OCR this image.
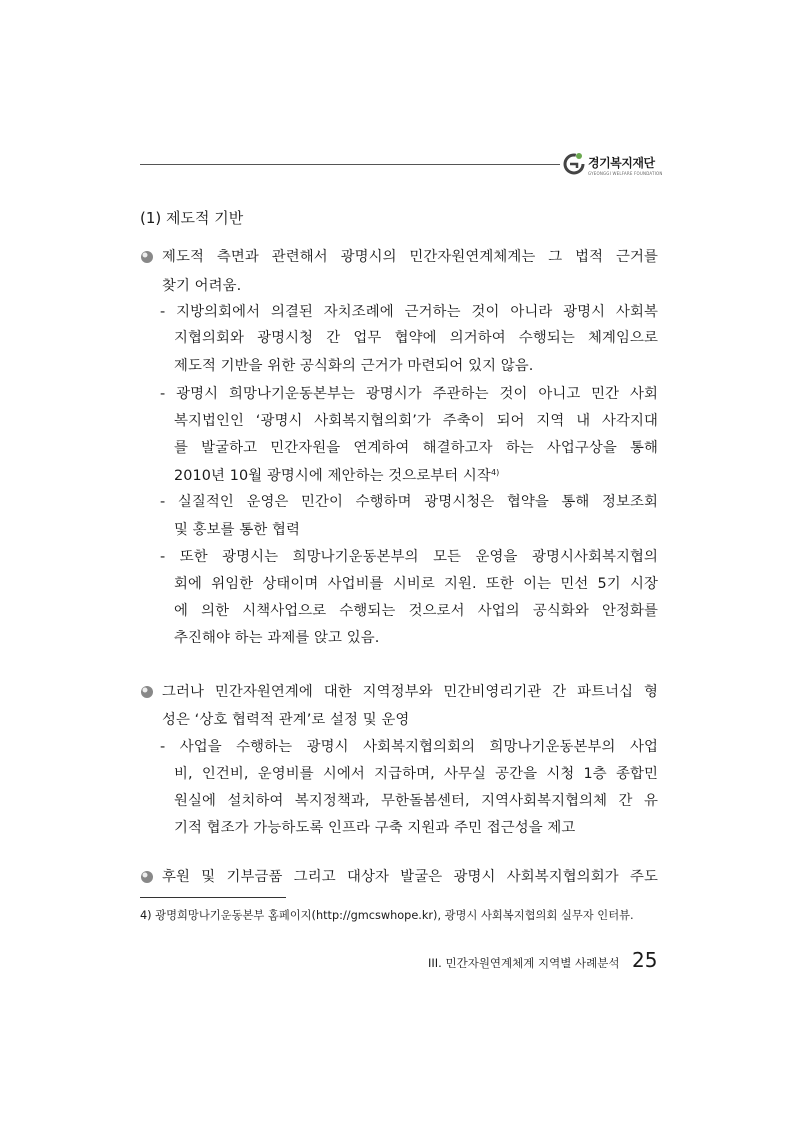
경기복지재단
GYEONGGI WELFARE FOUNDATION
(1) 제도적 기반
제도적 측면과 관련해서 광명시의 민간자원연계체계는 그 법적 근거를
찾기 어려움.
- 지방의회에서 의결된 자치조례에 근거하는 것이 아니라 광명시 사회복
지협의회와 광명시청 간 업무 협약에 의거하여 수행되는 체계임으로
제도적 기반을 위한 공식화의 근거가 마련되어 있지 않음.
- 광명시 희망나기운동본부는 광명시가 주관하는 것이 아니고 민간 사회
복지법인인 ‘광명시 사회복지협의회’가 주축이 되어 지역 내 사각지대
를 발굴하고 민간자원을 연계하여 해결하고자 하는 사업구상을 통해
2010년 10월 광명시에 제안하는 것으로부터 시작$^{4)}$
- 실질적인 운영은 민간이 수행하며 광명시청은 협약을 통해 정보조회
및 홍보를 통한 협력
- 또한 광명시는 희망나기운동본부의 모든 운영을 광명시사회복지협의
회에 위임한 상태이며 사업비를 시비로 지원. 또한 이는 민선 5기 시장
에 의한 시책사업으로 수행되는 것으로서 사업의 공식화와 안정화를
추진해야 하는 과제를 앉고 있음.
그러나 민간자원연계에 대한 지역정부와 민간비영리기관 간 파트너십 형
성은 ‘상호 협력적 관계’로 설정 및 운영
- 사업을 수행하는 광명시 사회복지협의회의 희망나기운동본부의 사업
비, 인건비, 운영비를 시에서 지급하며, 사무실 공간을 시청 1층 종합민
원실에 설치하여 복지정책과, 무한돌봄센터, 지역사회복지협의체 간 유
기적 협조가 가능하도록 인프라 구축 지원과 주민 접근성을 제고
후원 및 기부금품 그리고 대상자 발굴은 광명시 사회복지협의회가 주도
4) 광명희망나기운동본부 홈페이지(http://gmcswhope.kr), 광명시 사회복지협의회 실무자 인터뷰.
III. 민간자원연계체계 지역별 사례분석 25
